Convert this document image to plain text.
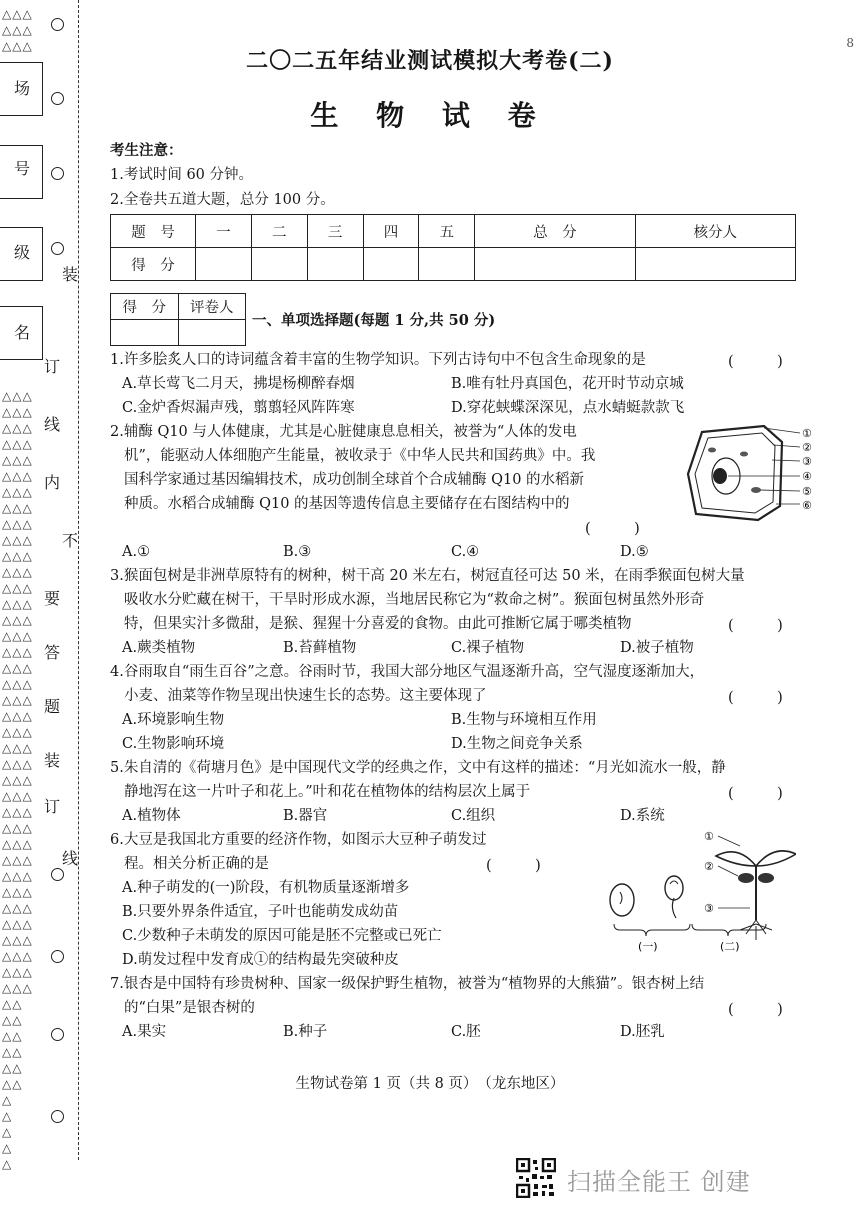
△△△
△△△
△△△
△△△
△△△
△△△
△△△
△△△
△△△
△△△
△△△
△△△
△△△
△△△
△△△
△△△
△△△
△△△
△△△
△△△
△△△
△△△
△△△
△△△
△△△
△△△
△△△
△△△
△△△
△△△
△△△
△△△
△△△
△△△
△△△
△△△
△△△
△△△
△△△
△△△
△△△
△△
△△
△△
△△
△△
△△
△
△
△
△
△
场
号
级
名
装
订
线
内
不
要
答
题
装
订
线
8
二〇二五年结业测试模拟大考卷(二)
生 物 试 卷
考生注意：
1.考试时间 60 分钟。
2.全卷共五道大题，总分 100 分。
题　号	一	二	三	四	五	总　分	核分人
得　分							
得　分	评卷人

一、单项选择题(每题 1 分,共 50 分)
1.许多脍炙人口的诗词蕴含着丰富的生物学知识。下列古诗句中不包含生命现象的是	(　　　)
A.草长莺飞二月天，拂堤杨柳醉春烟	B.唯有牡丹真国色，花开时节动京城
C.金炉香烬漏声残，翦翦轻风阵阵寒	D.穿花蛱蝶深深见，点水蜻蜓款款飞
2.辅酶 Q10 与人体健康，尤其是心脏健康息息相关，被誉为“人体的发电
机”，能驱动人体细胞产生能量，被收录于《中华人民共和国药典》中。我
国科学家通过基因编辑技术，成功创制全球首个合成辅酶 Q10 的水稻新
种质。水稻合成辅酶 Q10 的基因等遗传信息主要储存在右图结构中的
(　　　)
A.①	B.③	C.④	D.⑤
①
②
③
④
⑤
⑥
3.猴面包树是非洲草原特有的树种，树干高 20 米左右，树冠直径可达 50 米，在雨季猴面包树大量
吸收水分贮藏在树干，干旱时形成水源，当地居民称它为“救命之树”。猴面包树虽然外形奇
特，但果实汁多微甜，是猴、猩猩十分喜爱的食物。由此可推断它属于哪类植物	(　　　)
A.蕨类植物	B.苔藓植物	C.裸子植物	D.被子植物
4.谷雨取自“雨生百谷”之意。谷雨时节，我国大部分地区气温逐渐升高，空气湿度逐渐加大，
小麦、油菜等作物呈现出快速生长的态势。这主要体现了	(　　　)
A.环境影响生物	B.生物与环境相互作用
C.生物影响环境	D.生物之间竞争关系
5.朱自清的《荷塘月色》是中国现代文学的经典之作，文中有这样的描述：“月光如流水一般，静
静地泻在这一片叶子和花上。”叶和花在植物体的结构层次上属于	(　　　)
A.植物体	B.器官	C.组织	D.系统
6.大豆是我国北方重要的经济作物，如图示大豆种子萌发过
程。相关分析正确的是	(　　　)
A.种子萌发的(一)阶段，有机物质量逐渐增多
B.只要外界条件适宜，子叶也能萌发成幼苗
C.少数种子未萌发的原因可能是胚不完整或已死亡
D.萌发过程中发育成①的结构最先突破种皮
①
②
③
(一)	(二)
7.银杏是中国特有珍贵树种、国家一级保护野生植物，被誉为“植物界的大熊猫”。银杏树上结
的“白果”是银杏树的	(　　　)
A.果实	B.种子	C.胚	D.胚乳
生物试卷第 1 页（共 8 页）　（龙东地区）
扫描全能王 创建
